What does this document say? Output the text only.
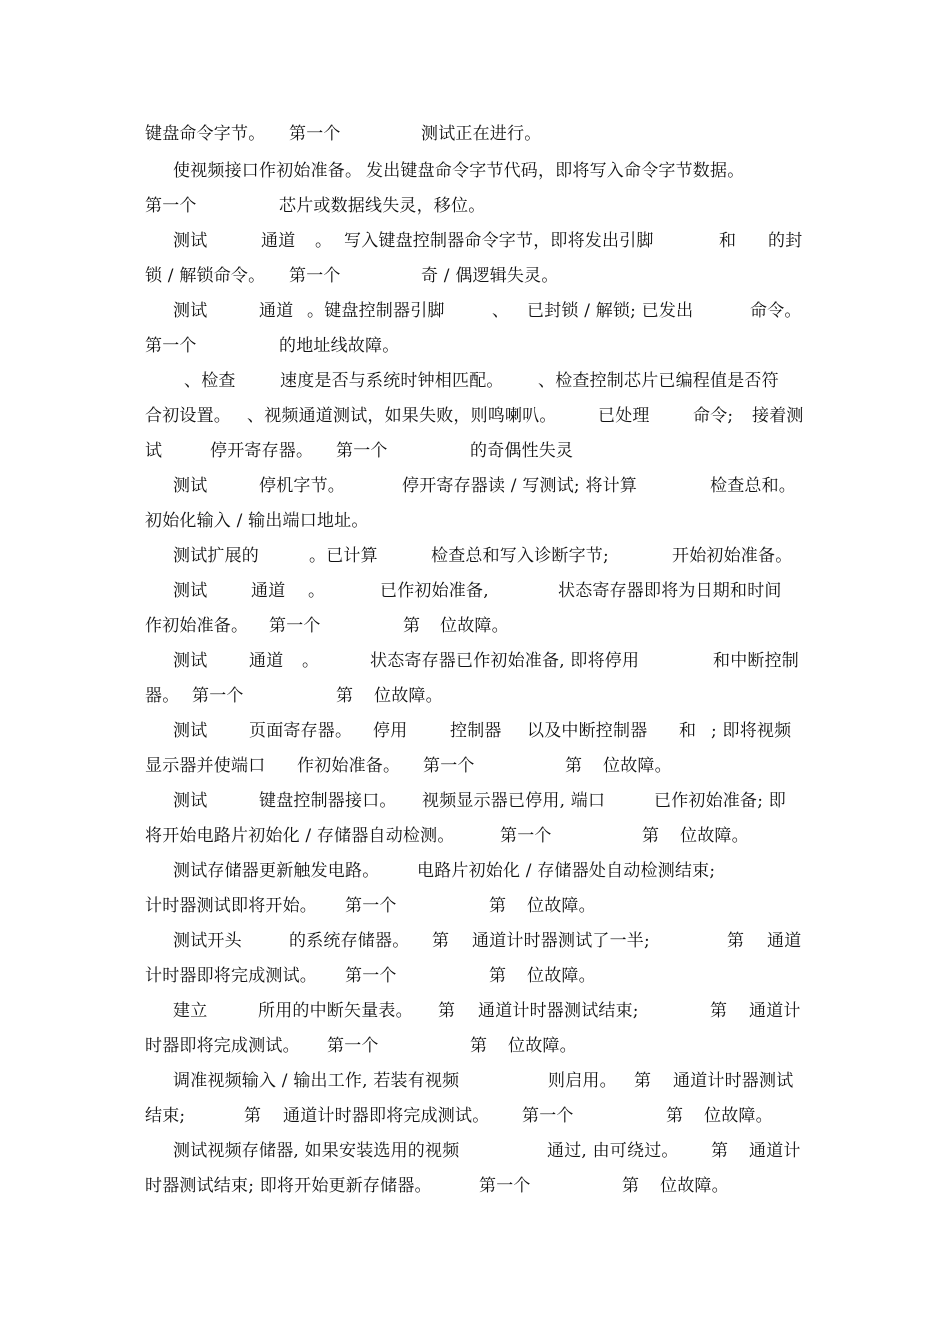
键盘命令字节。 第一个	测试正在进行。
使视频接口作初始准备。 发出键盘命令字节代码，即将写入命令字节数据。
第一个	芯片或数据线失灵，移位。
测试	通道 。 写入键盘控制器命令字节，即将发出引脚	和 的封
锁 / 解锁命令。 第一个	奇 / 偶逻辑失灵。
测试	通道 。键盘控制器引脚	、 已封锁 / 解锁; 已发出	命令。
第一个	的地址线故障。
、检查	速度是否与系统时钟相匹配。 、检查控制芯片已编程值是否符
合初设置。 、视频通道测试，如果失败，则鸣喇叭。 已处理	命令; 接着测
试	停开寄存器。 第一个	的奇偶性失灵
测试	停机字节。	停开寄存器读 / 写测试; 将计算	检查总和。
初始化输入 / 输出端口地址。
测试扩展的	。已计算	检查总和写入诊断字节;	开始初始准备。
测试	通道 。	已作初始准备,	状态寄存器即将为日期和时间
作初始准备。 第一个	第 位故障。
测试 通道 。	状态寄存器已作初始准备, 即将停用	和中断控制
器。 第一个	第 位故障。
测试 页面寄存器。 停用	控制器 以及中断控制器 和 ; 即将视频
显示器并使端口 作初始准备。 第一个	第 位故障。
测试	键盘控制器接口。 视频显示器已停用, 端口	已作初始准备; 即
将开始电路片初始化 / 存储器自动检测。	第一个	第 位故障。
测试存储器更新触发电路。 电路片初始化 / 存储器处自动检测结束;
计时器测试即将开始。 第一个	第 位故障。
测试开头	的系统存储器。 第 通道计时器测试了一半;	第 通道
计时器即将完成测试。 第一个	第 位故障。
建立	所用的中断矢量表。 第 通道计时器测试结束;	第 通道计
时器即将完成测试。 第一个	第 位故障。
调准视频输入 / 输出工作, 若装有视频	则启用。 第 通道计时器测试
结束;	第 通道计时器即将完成测试。 第一个	第 位故障。
测试视频存储器, 如果安装选用的视频	通过, 由可绕过。 第 通道计
时器测试结束; 即将开始更新存储器。	第一个	第 位故障。
